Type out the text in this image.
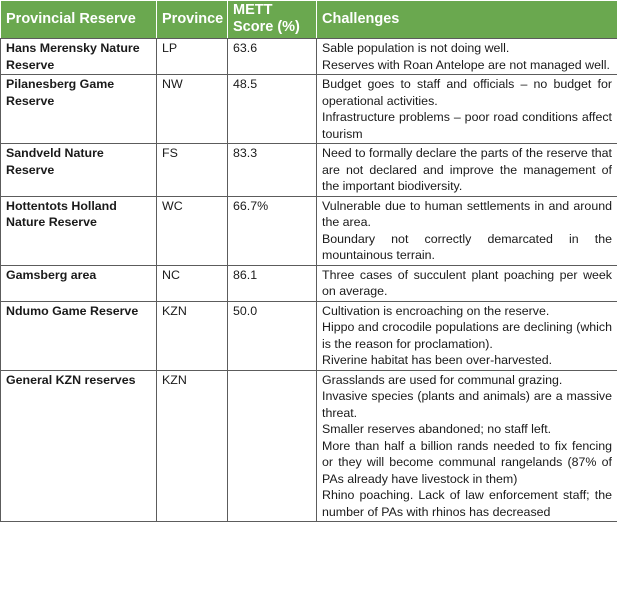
Provincial Reserve	Province	METT Score (%)	Challenges
Hans Merensky Nature Reserve	LP	63.6	Sable population is not doing well.

Reserves with Roan Antelope are not managed well.

Pilanesberg Game Reserve	NW	48.5	Budget goes to staff and officials – no budget for operational activities.

Infrastructure problems – poor road conditions affect tourism

Sandveld Nature Reserve	FS	83.3	Need to formally declare the parts of the reserve that are not declared and improve the management of the important biodiversity.

Hottentots Holland Nature Reserve	WC	66.7%	Vulnerable due to human settlements in and around the area.

Boundary not correctly demarcated in the mountainous terrain.

Gamsberg area	NC	86.1	Three cases of succulent plant poaching per week on average.

Ndumo Game Reserve	KZN	50.0	Cultivation is encroaching on the reserve.

Hippo and crocodile populations are declining (which is the reason for proclamation).

Riverine habitat has been over-harvested.

General KZN reserves	KZN		Grasslands are used for communal grazing.

Invasive species (plants and animals) are a massive threat.

Smaller reserves abandoned; no staff left.

More than half a billion rands needed to fix fencing or they will become communal rangelands (87% of PAs already have livestock in them)

Rhino poaching. Lack of law enforcement staff; the number of PAs with rhinos has decreased
